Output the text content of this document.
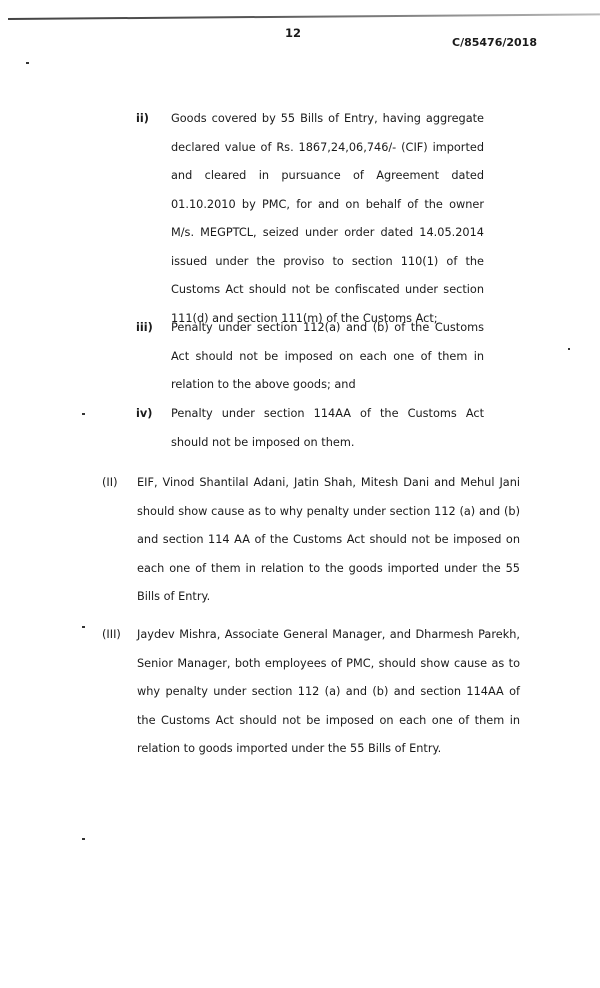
12
C/85476/2018
ii) Goods covered by 55 Bills of Entry, having aggregate declared value of Rs. 1867,24,06,746/- (CIF) imported and cleared in pursuance of Agreement dated 01.10.2010 by PMC, for and on behalf of the owner M/s. MEGPTCL, seized under order dated 14.05.2014 issued under the proviso to section 110(1) of the Customs Act should not be confiscated under section 111(d) and section 111(m) of the Customs Act;
iii) Penalty under section 112(a) and (b) of the Customs Act should not be imposed on each one of them in relation to the above goods; and
iv) Penalty under section 114AA of the Customs Act should not be imposed on them.
(II) EIF, Vinod Shantilal Adani, Jatin Shah, Mitesh Dani and Mehul Jani should show cause as to why penalty under section 112 (a) and (b) and section 114 AA of the Customs Act should not be imposed on each one of them in relation to the goods imported under the 55 Bills of Entry.
(III) Jaydev Mishra, Associate General Manager, and Dharmesh Parekh, Senior Manager, both employees of PMC, should show cause as to why penalty under section 112 (a) and (b) and section 114AA of the Customs Act should not be imposed on each one of them in relation to goods imported under the 55 Bills of Entry.
